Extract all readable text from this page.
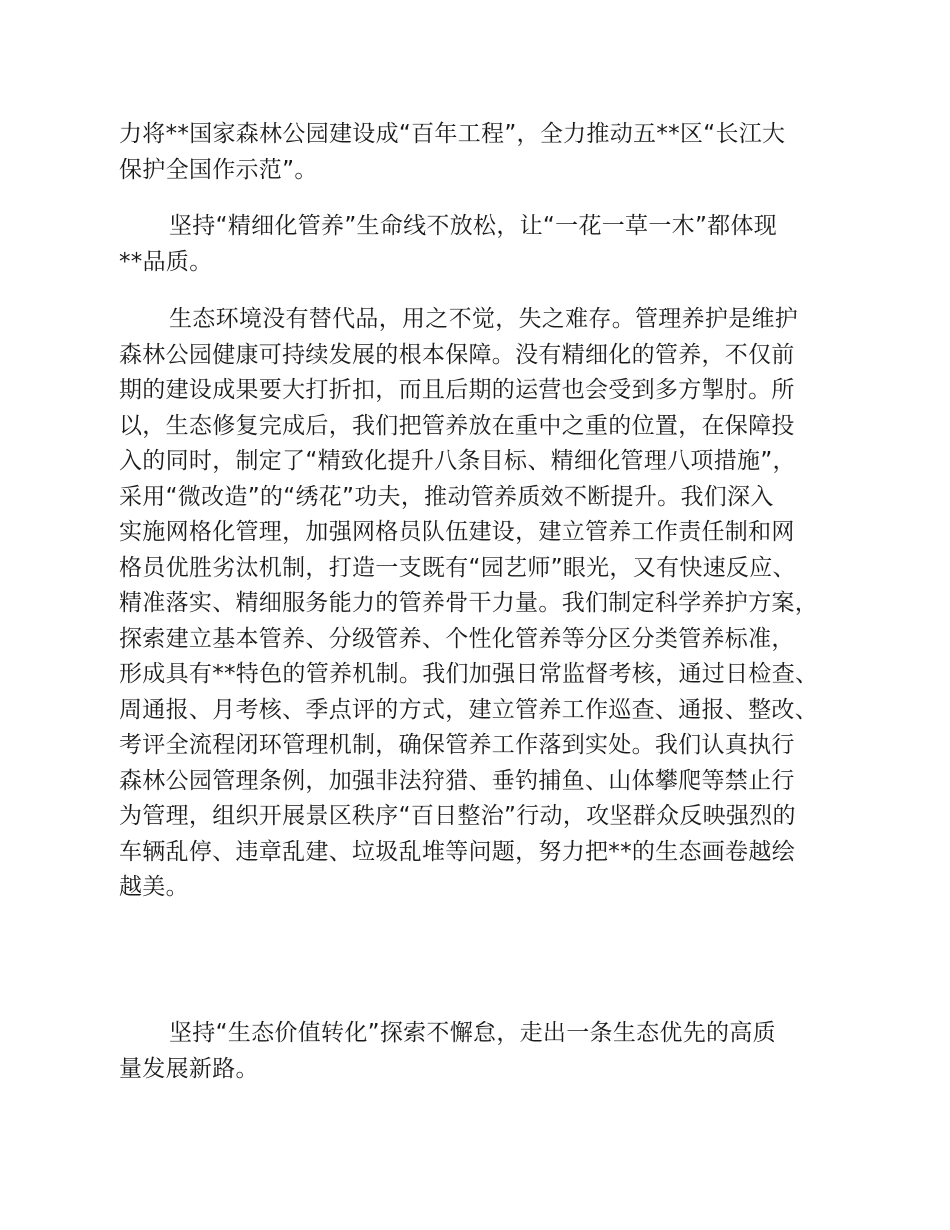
力将**国家森林公园建设成“百年工程”，全力推动五**区“长江大
保护全国作示范”。
坚持“精细化管养”生命线不放松，让“一花一草一木”都体现
**品质。
生态环境没有替代品，用之不觉，失之难存。管理养护是维护
森林公园健康可持续发展的根本保障。没有精细化的管养，不仅前
期的建设成果要大打折扣，而且后期的运营也会受到多方掣肘。所
以，生态修复完成后，我们把管养放在重中之重的位置，在保障投
入的同时，制定了“精致化提升八条目标、精细化管理八项措施”，
采用“微改造”的“绣花”功夫，推动管养质效不断提升。我们深入
实施网格化管理，加强网格员队伍建设，建立管养工作责任制和网
格员优胜劣汰机制，打造一支既有“园艺师”眼光，又有快速反应、
精准落实、精细服务能力的管养骨干力量。我们制定科学养护方案，
探索建立基本管养、分级管养、个性化管养等分区分类管养标准，
形成具有**特色的管养机制。我们加强日常监督考核，通过日检查、
周通报、月考核、季点评的方式，建立管养工作巡查、通报、整改、
考评全流程闭环管理机制，确保管养工作落到实处。我们认真执行
森林公园管理条例，加强非法狩猎、垂钓捕鱼、山体攀爬等禁止行
为管理，组织开展景区秩序“百日整治”行动，攻坚群众反映强烈的
车辆乱停、违章乱建、垃圾乱堆等问题，努力把**的生态画卷越绘
越美。
坚持“生态价值转化”探索不懈怠，走出一条生态优先的高质
量发展新路。
